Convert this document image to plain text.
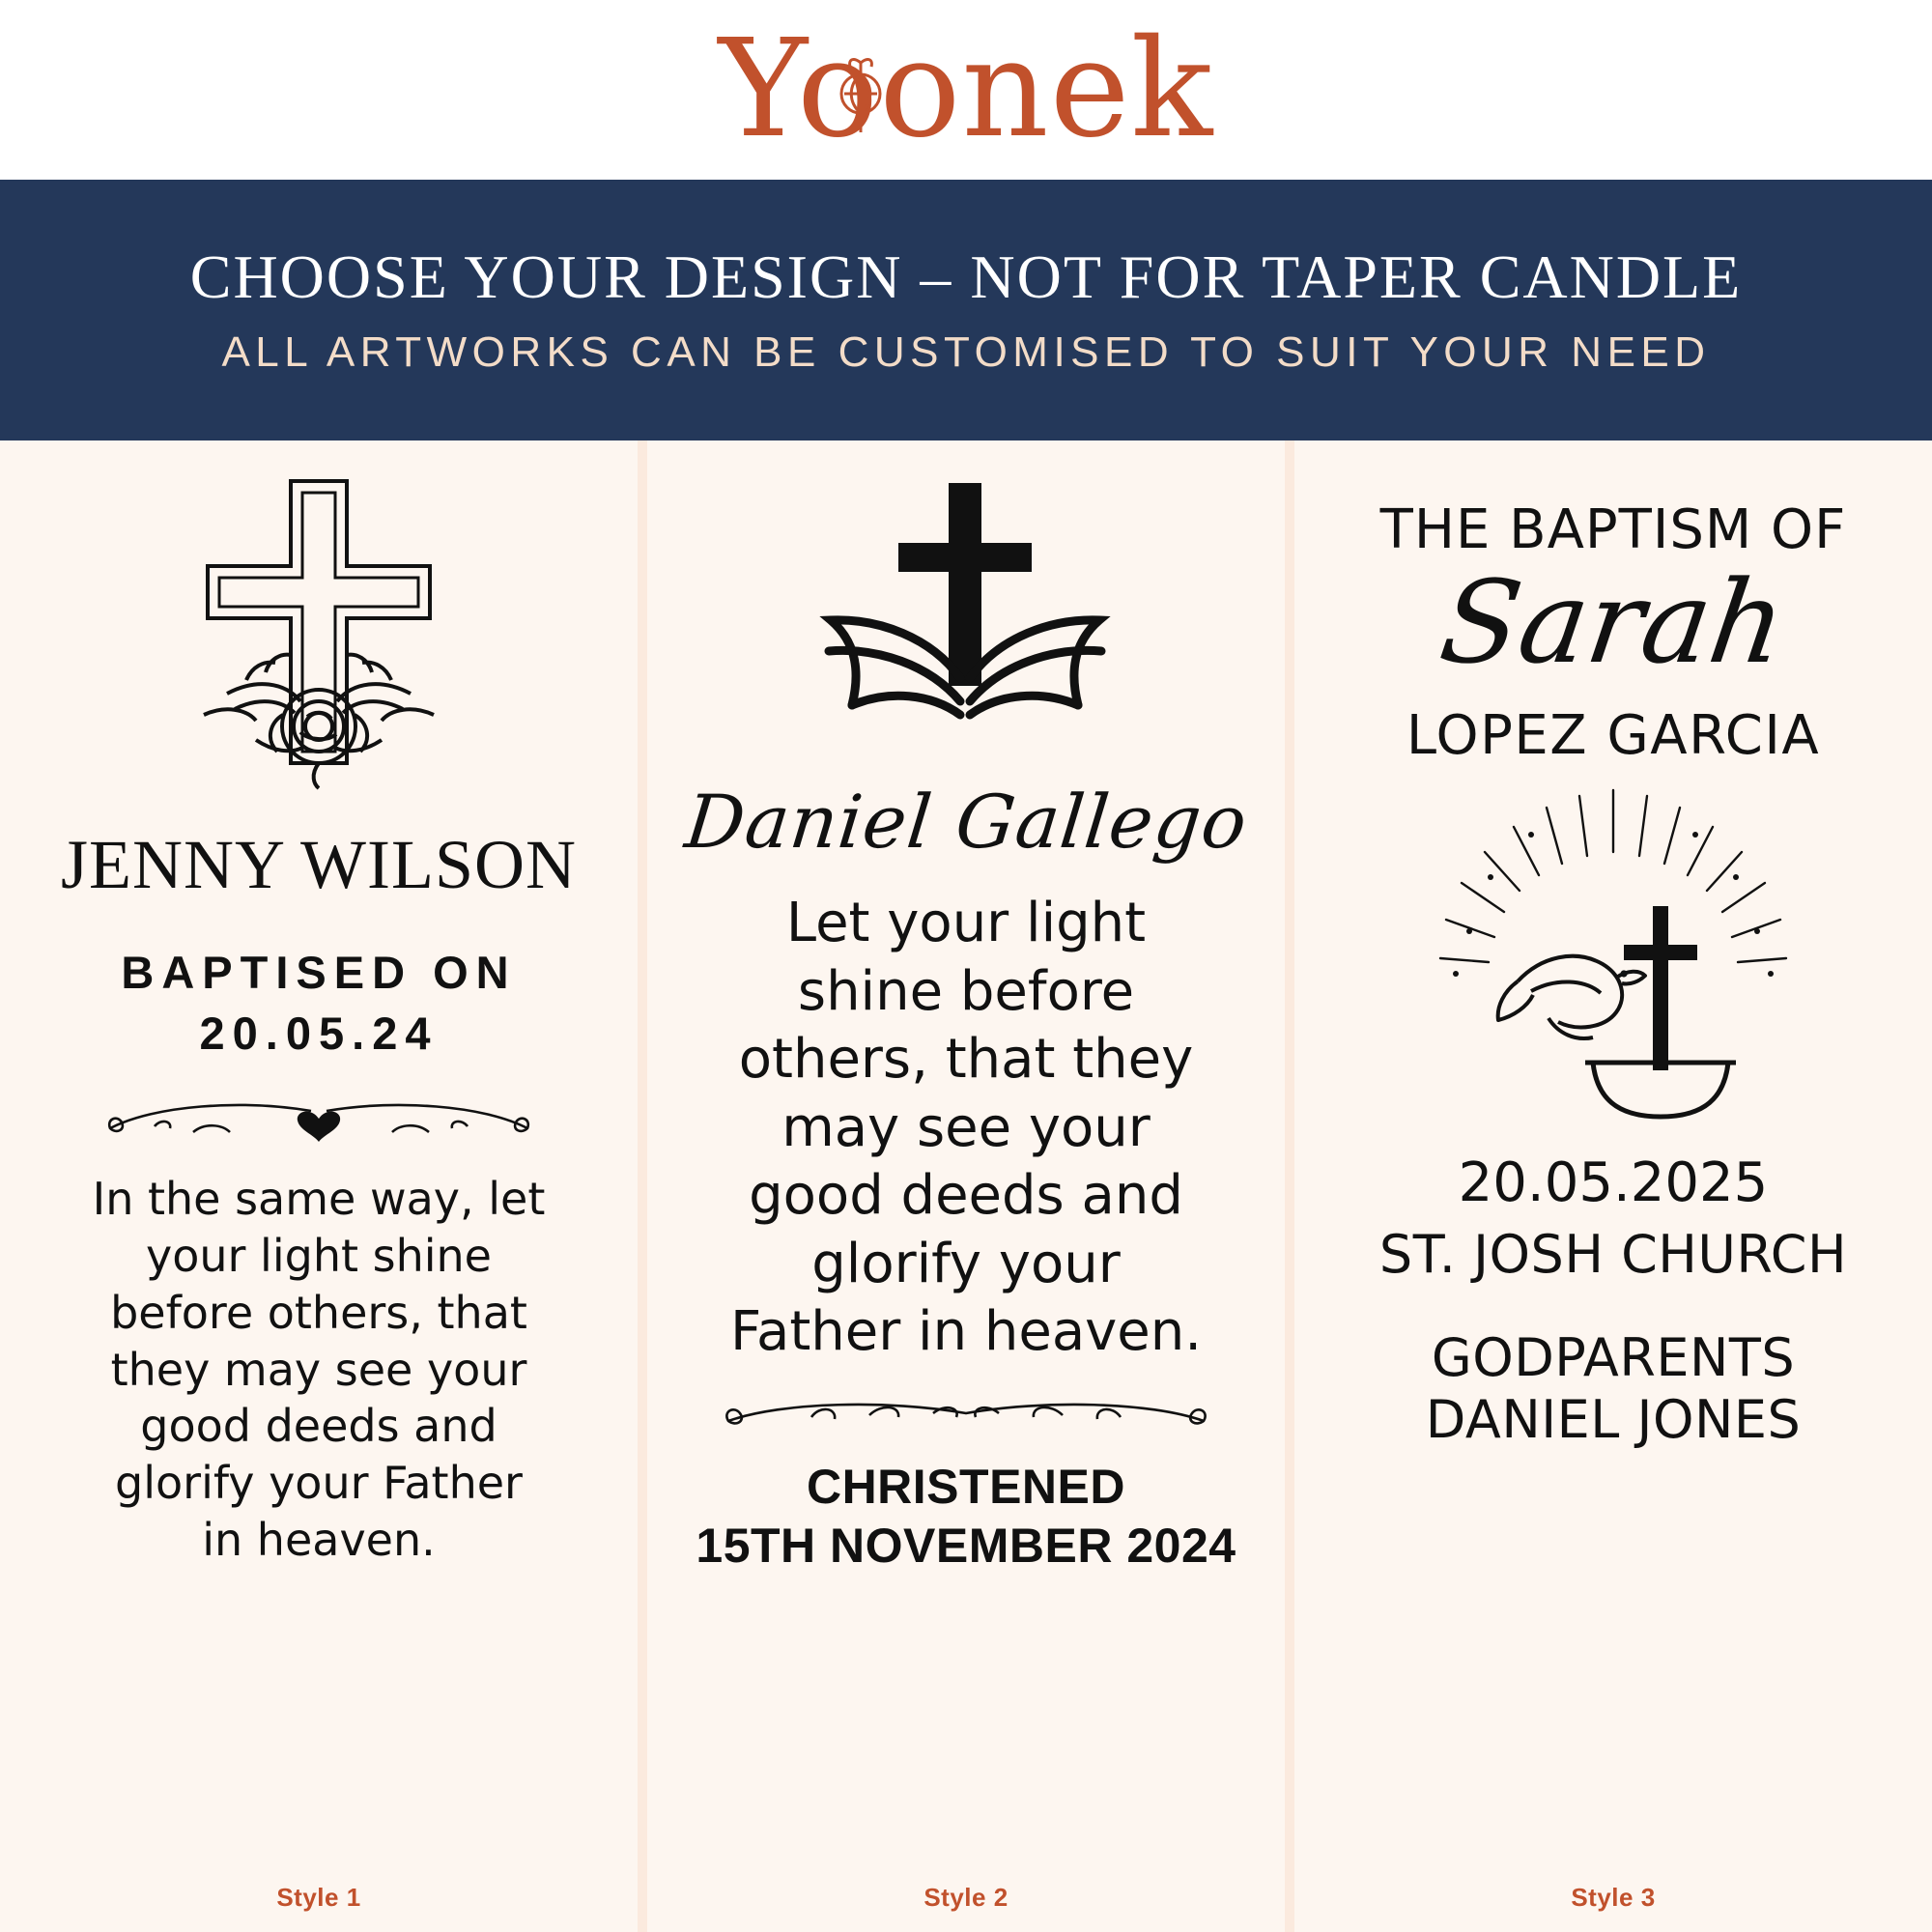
Yoonek
CHOOSE YOUR DESIGN – NOT FOR TAPER CANDLE
ALL ARTWORKS CAN BE CUSTOMISED TO SUIT YOUR NEED
JENNY WILSON
BAPTISED ON
20.05.24
In the same way, let your light shine before others, that they may see your good deeds and glorify your Father in heaven.
Style 1
Daniel Gallego
Let your light shine before others, that they may see your good deeds and glorify your Father in heaven.
CHRISTENED
15TH NOVEMBER 2024
Style 2
THE BAPTISM OF
Sarah
LOPEZ GARCIA
20.05.2025
ST. JOSH CHURCH
GODPARENTS
DANIEL JONES
Style 3
